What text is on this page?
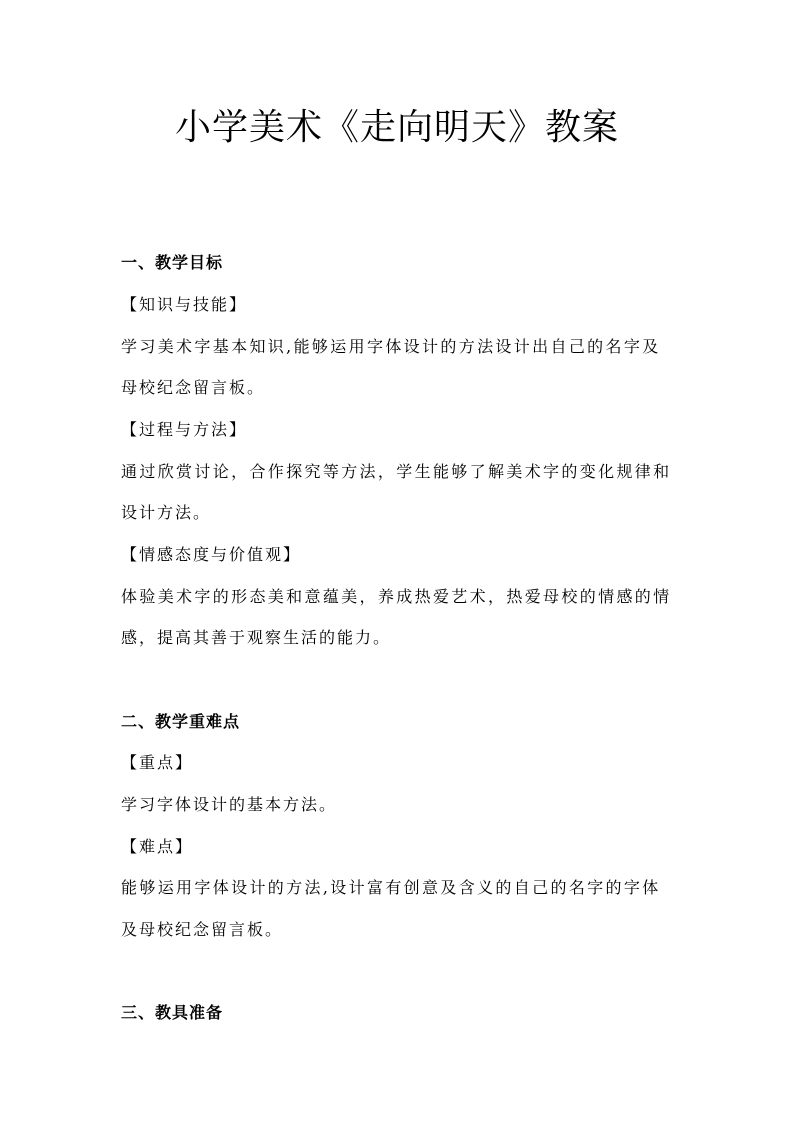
小学美术《走向明天》教案
一、教学目标
【知识与技能】
学习美术字基本知识,能够运用字体设计的方法设计出自己的名字及
母校纪念留言板。
【过程与方法】
通过欣赏讨论，合作探究等方法，学生能够了解美术字的变化规律和
设计方法。
【情感态度与价值观】
体验美术字的形态美和意蕴美，养成热爱艺术，热爱母校的情感的情
感，提高其善于观察生活的能力。
二、教学重难点
【重点】
学习字体设计的基本方法。
【难点】
能够运用字体设计的方法,设计富有创意及含义的自己的名字的字体
及母校纪念留言板。
三、教具准备
